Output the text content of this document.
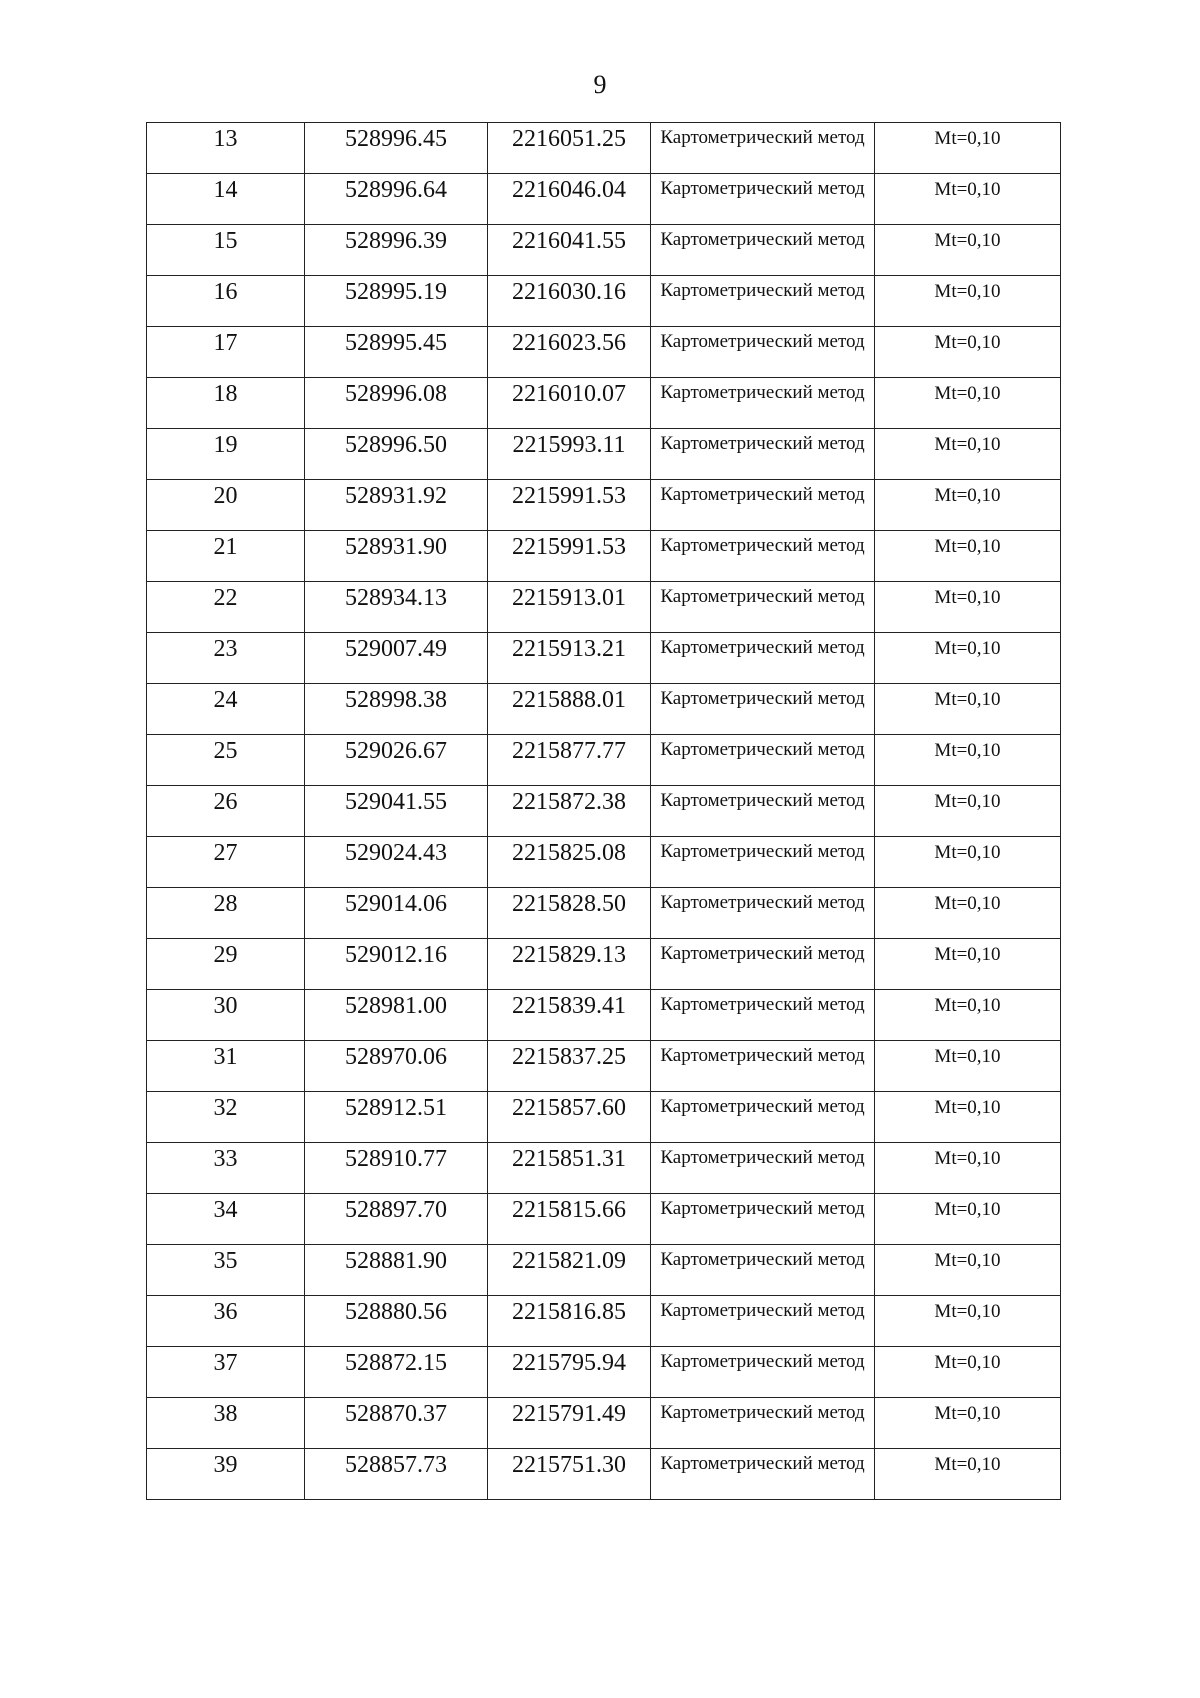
9
13	528996.45	2216051.25	Картометрический метод	Mt=0,10

14	528996.64	2216046.04	Картометрический метод	Mt=0,10

15	528996.39	2216041.55	Картометрический метод	Mt=0,10

16	528995.19	2216030.16	Картометрический метод	Mt=0,10

17	528995.45	2216023.56	Картометрический метод	Mt=0,10

18	528996.08	2216010.07	Картометрический метод	Mt=0,10

19	528996.50	2215993.11	Картометрический метод	Mt=0,10

20	528931.92	2215991.53	Картометрический метод	Mt=0,10

21	528931.90	2215991.53	Картометрический метод	Mt=0,10

22	528934.13	2215913.01	Картометрический метод	Mt=0,10

23	529007.49	2215913.21	Картометрический метод	Mt=0,10

24	528998.38	2215888.01	Картометрический метод	Mt=0,10

25	529026.67	2215877.77	Картометрический метод	Mt=0,10

26	529041.55	2215872.38	Картометрический метод	Mt=0,10

27	529024.43	2215825.08	Картометрический метод	Mt=0,10

28	529014.06	2215828.50	Картометрический метод	Mt=0,10

29	529012.16	2215829.13	Картометрический метод	Mt=0,10

30	528981.00	2215839.41	Картометрический метод	Mt=0,10

31	528970.06	2215837.25	Картометрический метод	Mt=0,10

32	528912.51	2215857.60	Картометрический метод	Mt=0,10

33	528910.77	2215851.31	Картометрический метод	Mt=0,10

34	528897.70	2215815.66	Картометрический метод	Mt=0,10

35	528881.90	2215821.09	Картометрический метод	Mt=0,10

36	528880.56	2215816.85	Картометрический метод	Mt=0,10

37	528872.15	2215795.94	Картометрический метод	Mt=0,10

38	528870.37	2215791.49	Картометрический метод	Mt=0,10

39	528857.73	2215751.30	Картометрический метод	Mt=0,10
